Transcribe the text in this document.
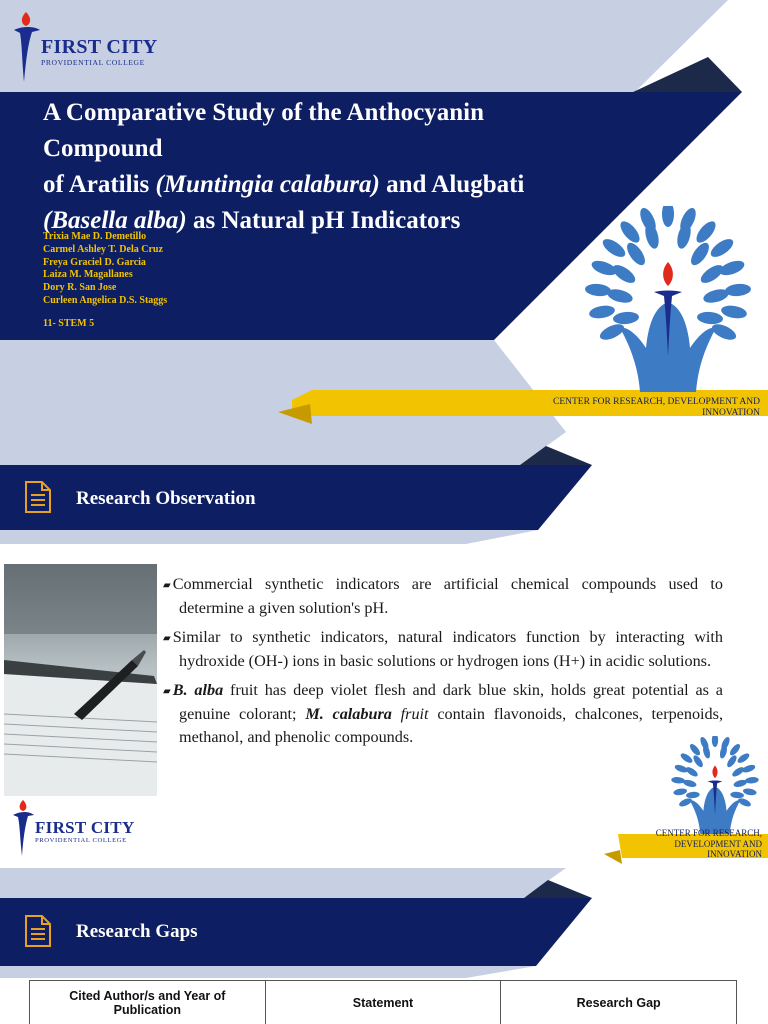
FIRST CITY
PROVIDENTIAL COLLEGE
A Comparative Study of the Anthocyanin
Compound
of Aratilis (Muntingia calabura) and Alugbati
(Basella alba) as Natural pH Indicators
Trixia Mae D. Demetillo
Carmel Ashley T. Dela Cruz
Freya Graciel D. Garcia
Laiza M. Magallanes
Dory R. San Jose
Curleen Angelica D.S. Staggs
11- STEM 5
CENTER FOR RESEARCH, DEVELOPMENT AND INNOVATION
Research Observation

▰ Commercial synthetic indicators are artificial chemical compounds used to determine a given solution's pH.

▰ Similar to synthetic indicators, natural indicators function by interacting with hydroxide (OH-) ions in basic solutions or hydrogen ions (H+) in acidic solutions.

▰ B. alba fruit has deep violet flesh and dark blue skin, holds great potential as a genuine colorant; M. calabura fruit contain flavonoids, chalcones, terpenoids, methanol, and phenolic compounds.

FIRST CITY
PROVIDENTIAL COLLEGE
CENTER FOR RESEARCH, DEVELOPMENT AND INNOVATION
Research Gaps
Cited Author/s and Year of Publication	Statement	Research Gap
